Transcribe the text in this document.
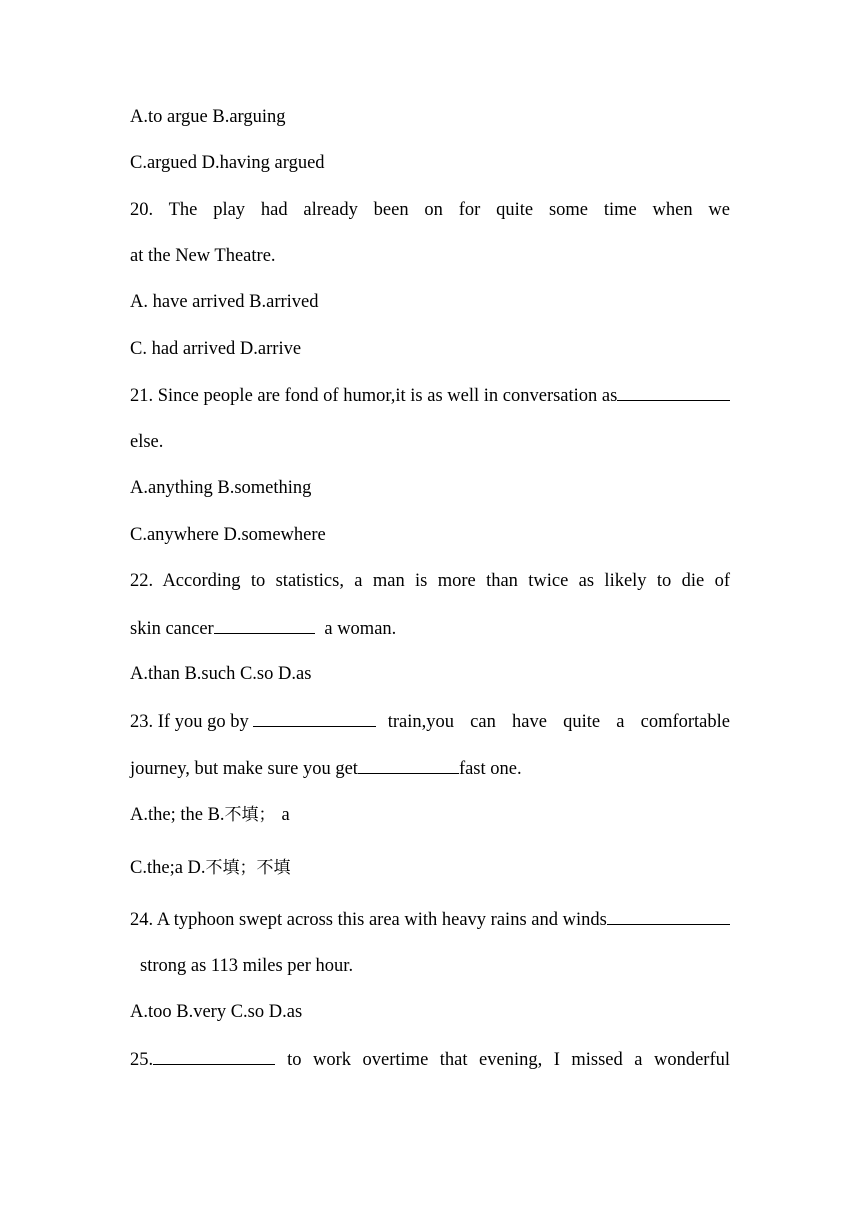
A.to argue B.arguing
C.argued D.having argued
20. The play had already been on for quite some time when we
at the New Theatre.
A. have arrived B.arrived
C. had arrived D.arrive
21. Since people are fond of humor,it is as well in conversation as
else.
A.anything B.something
C.anywhere D.somewhere
22. According to statistics, a man is more than twice as likely to die of
skin cancer	a woman.
A.than B.such C.so D.as
23. If you go by	train,you can have quite a comfortable
journey, but make sure you get	fast one.
A.the; the B.不填； a
C.the;a D.不填；不填
24. A typhoon swept across this area with heavy rains and winds
strong as 113 miles per hour.
A.too B.very C.so D.as
25.	to work overtime that evening, I missed a wonderful
